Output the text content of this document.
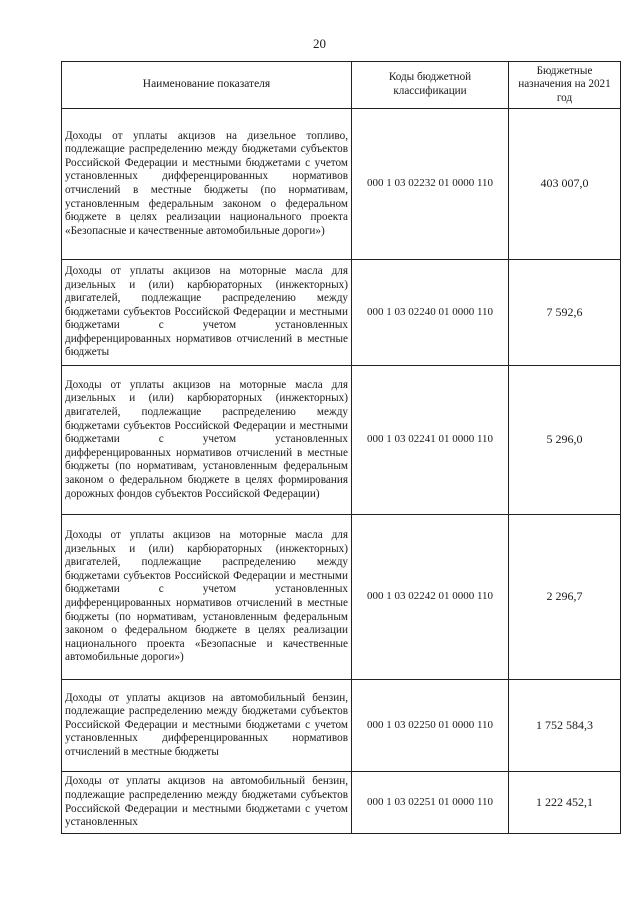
20
Наименование показателя	Коды бюджетной классификации	Бюджетные назначения на 2021 год
Доходы от уплаты акцизов на дизельное топливо, подлежащие распределению между бюджетами субъектов Российской Федерации и местными бюджетами с учетом установленных дифференцированных нормативов отчислений в местные бюджеты (по нормативам, установленным федеральным законом о федеральном бюджете в целях реализации национального проекта «Безопасные и качественные автомобильные дороги»)	000 1 03 02232 01 0000 110	403 007,0
Доходы от уплаты акцизов на моторные масла для дизельных и (или) карбюраторных (инжекторных) двигателей, подлежащие распределению между бюджетами субъектов Российской Федерации и местными бюджетами с учетом установленных дифференцированных нормативов отчислений в местные бюджеты	000 1 03 02240 01 0000 110	7 592,6
Доходы от уплаты акцизов на моторные масла для дизельных и (или) карбюраторных (инжекторных) двигателей, подлежащие распределению между бюджетами субъектов Российской Федерации и местными бюджетами с учетом установленных дифференцированных нормативов отчислений в местные бюджеты (по нормативам, установленным федеральным законом о федеральном бюджете в целях формирования дорожных фондов субъектов Российской Федерации)	000 1 03 02241 01 0000 110	5 296,0
Доходы от уплаты акцизов на моторные масла для дизельных и (или) карбюраторных (инжекторных) двигателей, подлежащие распределению между бюджетами субъектов Российской Федерации и местными бюджетами с учетом установленных дифференцированных нормативов отчислений в местные бюджеты (по нормативам, установленным федеральным законом о федеральном бюджете в целях реализации национального проекта «Безопасные и качественные автомобильные дороги»)	000 1 03 02242 01 0000 110	2 296,7
Доходы от уплаты акцизов на автомобильный бензин, подлежащие распределению между бюджетами субъектов Российской Федерации и местными бюджетами с учетом установленных дифференцированных нормативов отчислений в местные бюджеты	000 1 03 02250 01 0000 110	1 752 584,3
Доходы от уплаты акцизов на автомобильный бензин, подлежащие распределению между бюджетами субъектов Российской Федерации и местными бюджетами с учетом установленных	000 1 03 02251 01 0000 110	1 222 452,1
